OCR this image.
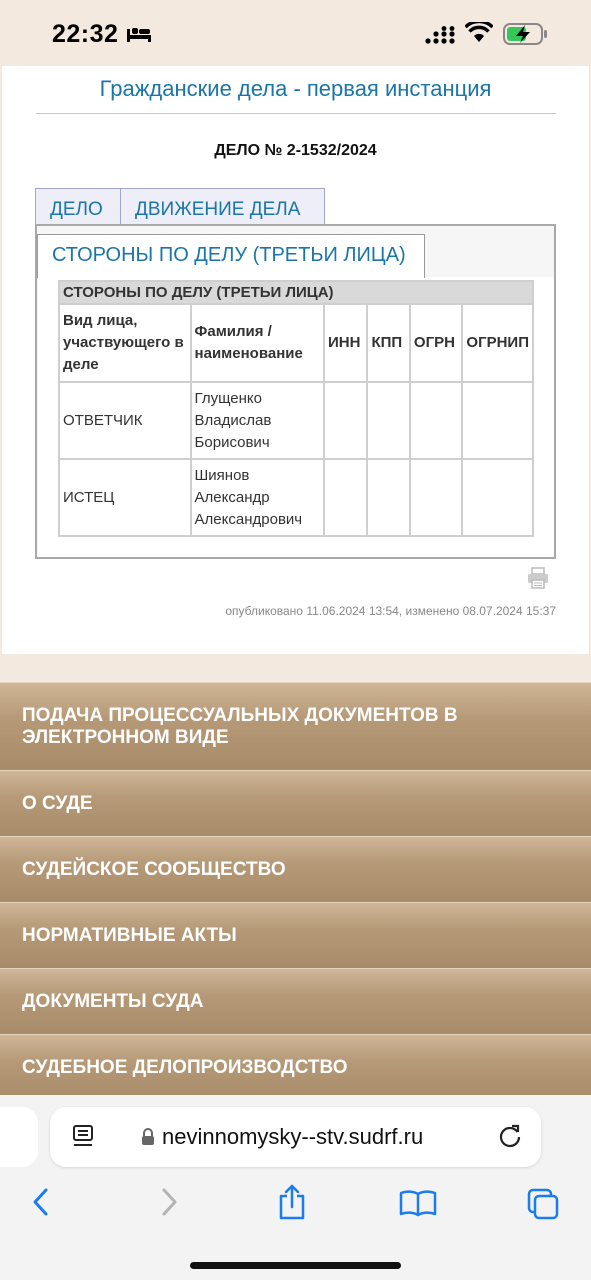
22:32
Гражданские дела - первая инстанция
ДЕЛО № 2-1532/2024
ДЕЛО	ДВИЖЕНИЕ ДЕЛА
СТОРОНЫ ПО ДЕЛУ (ТРЕТЬИ ЛИЦА)
СТОРОНЫ ПО ДЕЛУ (ТРЕТЬИ ЛИЦА)					
Вид лица, участвующего в деле	Фамилия / наименование	ИНН	КПП	ОГРН	ОГРНИП
ОТВЕТЧИК	Глущенко Владислав Борисович				
ИСТЕЦ	Шиянов Александр Александрович				
опубликовано 11.06.2024 13:54, изменено 08.07.2024 15:37
ПОДАЧА ПРОЦЕССУАЛЬНЫХ ДОКУМЕНТОВ В ЭЛЕКТРОННОМ ВИДЕ
О СУДЕ
СУДЕЙСКОЕ СООБЩЕСТВО
НОРМАТИВНЫЕ АКТЫ
ДОКУМЕНТЫ СУДА
СУДЕБНОЕ ДЕЛОПРОИЗВОДСТВО
nevinnomysky--stv.sudrf.ru
